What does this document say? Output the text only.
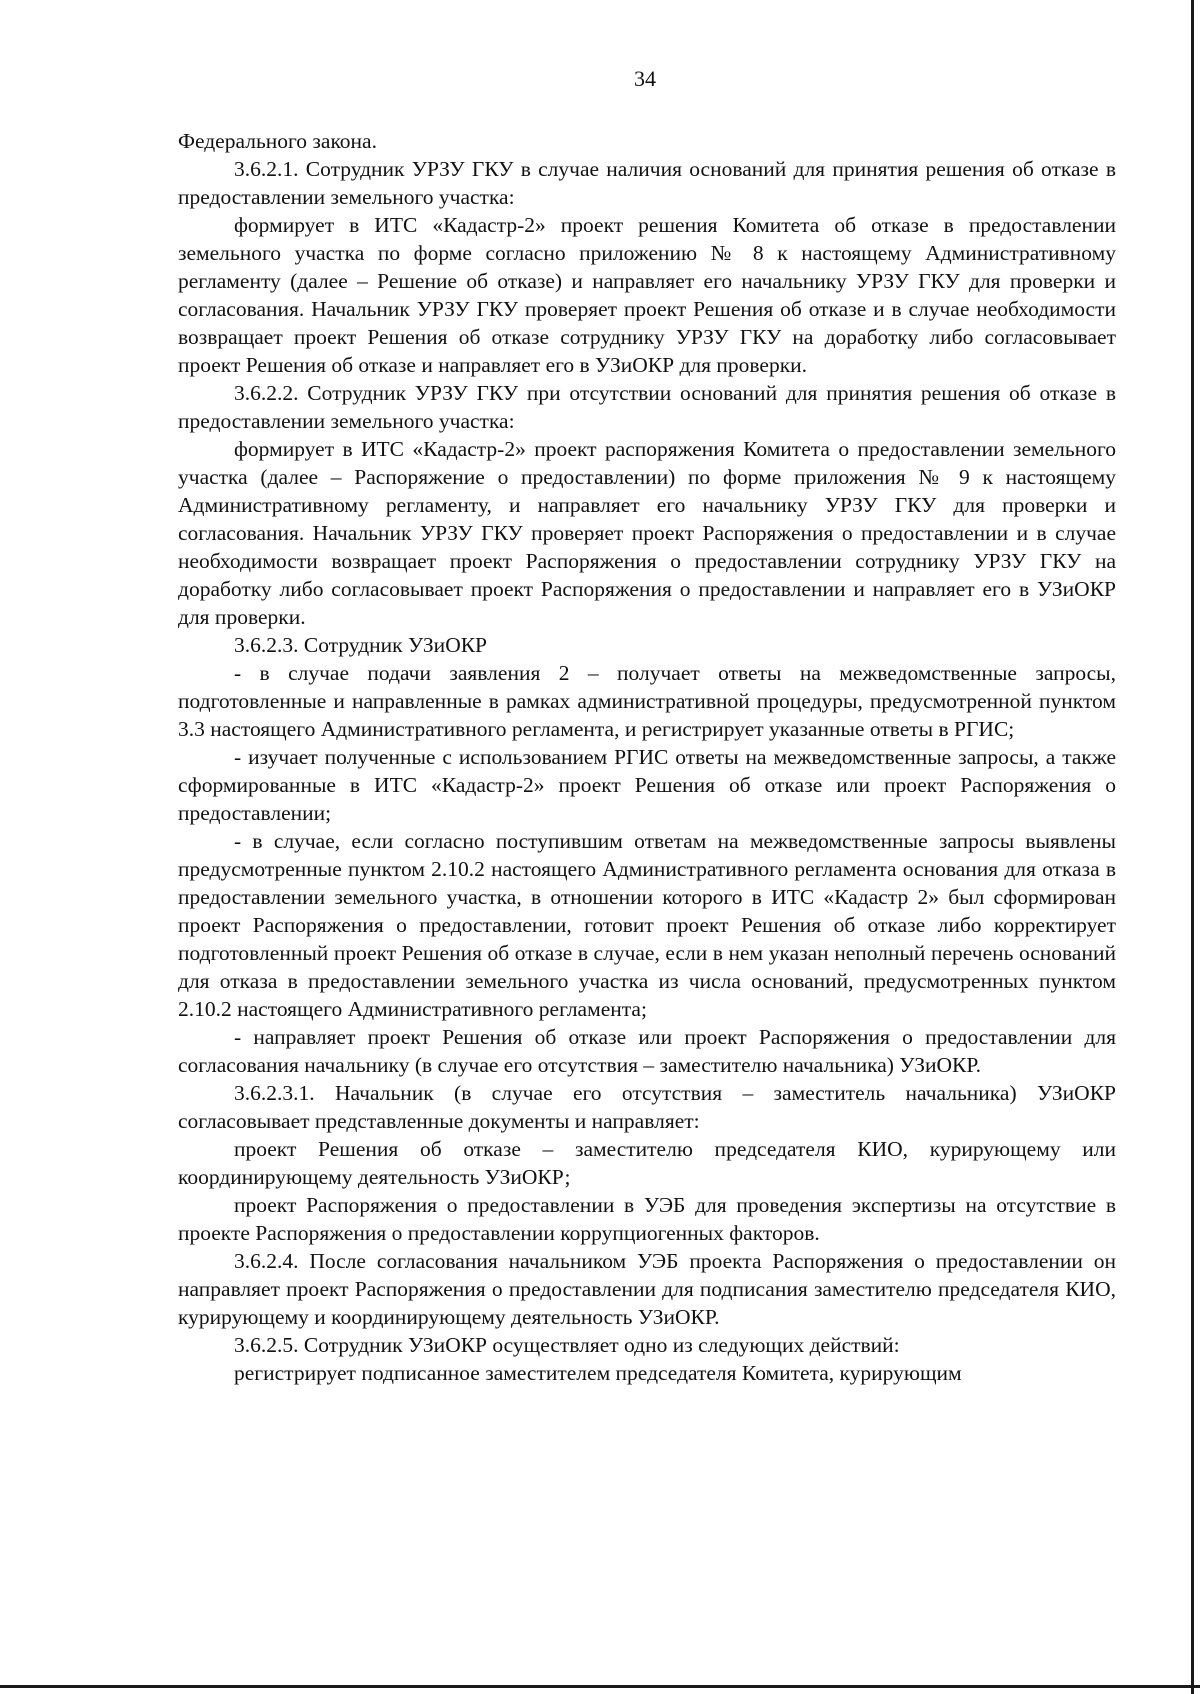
34

Федерального закона.

3.6.2.1. Сотрудник УРЗУ ГКУ в случае наличия оснований для принятия решения об отказе в предоставлении земельного участка:

формирует в ИТС «Кадастр-2» проект решения Комитета об отказе в предоставлении земельного участка по форме согласно приложению № 8 к настоящему Административному регламенту (далее – Решение об отказе) и направляет его начальнику УРЗУ ГКУ для проверки и согласования. Начальник УРЗУ ГКУ проверяет проект Решения об отказе и в случае необходимости возвращает проект Решения об отказе сотруднику УРЗУ ГКУ на доработку либо согласовывает проект Решения об отказе и направляет его в УЗиОКР для проверки.

3.6.2.2. Сотрудник УРЗУ ГКУ при отсутствии оснований для принятия решения об отказе в предоставлении земельного участка:

формирует в ИТС «Кадастр-2» проект распоряжения Комитета о предоставлении земельного участка (далее – Распоряжение о предоставлении) по форме приложения № 9 к настоящему Административному регламенту, и направляет его начальнику УРЗУ ГКУ для проверки и согласования. Начальник УРЗУ ГКУ проверяет проект Распоряжения о предоставлении и в случае необходимости возвращает проект Распоряжения о предоставлении сотруднику УРЗУ ГКУ на доработку либо согласовывает проект Распоряжения о предоставлении и направляет его в УЗиОКР для проверки.

3.6.2.3. Сотрудник УЗиОКР

- в случае подачи заявления 2 – получает ответы на межведомственные запросы, подготовленные и направленные в рамках административной процедуры, предусмотренной пунктом 3.3 настоящего Административного регламента, и регистрирует указанные ответы в РГИС;

- изучает полученные с использованием РГИС ответы на межведомственные запросы, а также сформированные в ИТС «Кадастр-2» проект Решения об отказе или проект Распоряжения о предоставлении;

- в случае, если согласно поступившим ответам на межведомственные запросы выявлены предусмотренные пунктом 2.10.2 настоящего Административного регламента основания для отказа в предоставлении земельного участка, в отношении которого в ИТС «Кадастр 2» был сформирован проект Распоряжения о предоставлении, готовит проект Решения об отказе либо корректирует подготовленный проект Решения об отказе в случае, если в нем указан неполный перечень оснований для отказа в предоставлении земельного участка из числа оснований, предусмотренных пунктом 2.10.2 настоящего Административного регламента;

- направляет проект Решения об отказе или проект Распоряжения о предоставлении для согласования начальнику (в случае его отсутствия – заместителю начальника) УЗиОКР.

3.6.2.3.1. Начальник (в случае его отсутствия – заместитель начальника) УЗиОКР согласовывает представленные документы и направляет:

проект Решения об отказе – заместителю председателя КИО, курирующему или координирующему деятельность УЗиОКР;

проект Распоряжения о предоставлении в УЭБ для проведения экспертизы на отсутствие в проекте Распоряжения о предоставлении коррупциогенных факторов.

3.6.2.4. После согласования начальником УЭБ проекта Распоряжения о предоставлении он направляет проект Распоряжения о предоставлении для подписания заместителю председателя КИО, курирующему и координирующему деятельность УЗиОКР.

3.6.2.5. Сотрудник УЗиОКР осуществляет одно из следующих действий:

регистрирует подписанное заместителем председателя Комитета, курирующим
